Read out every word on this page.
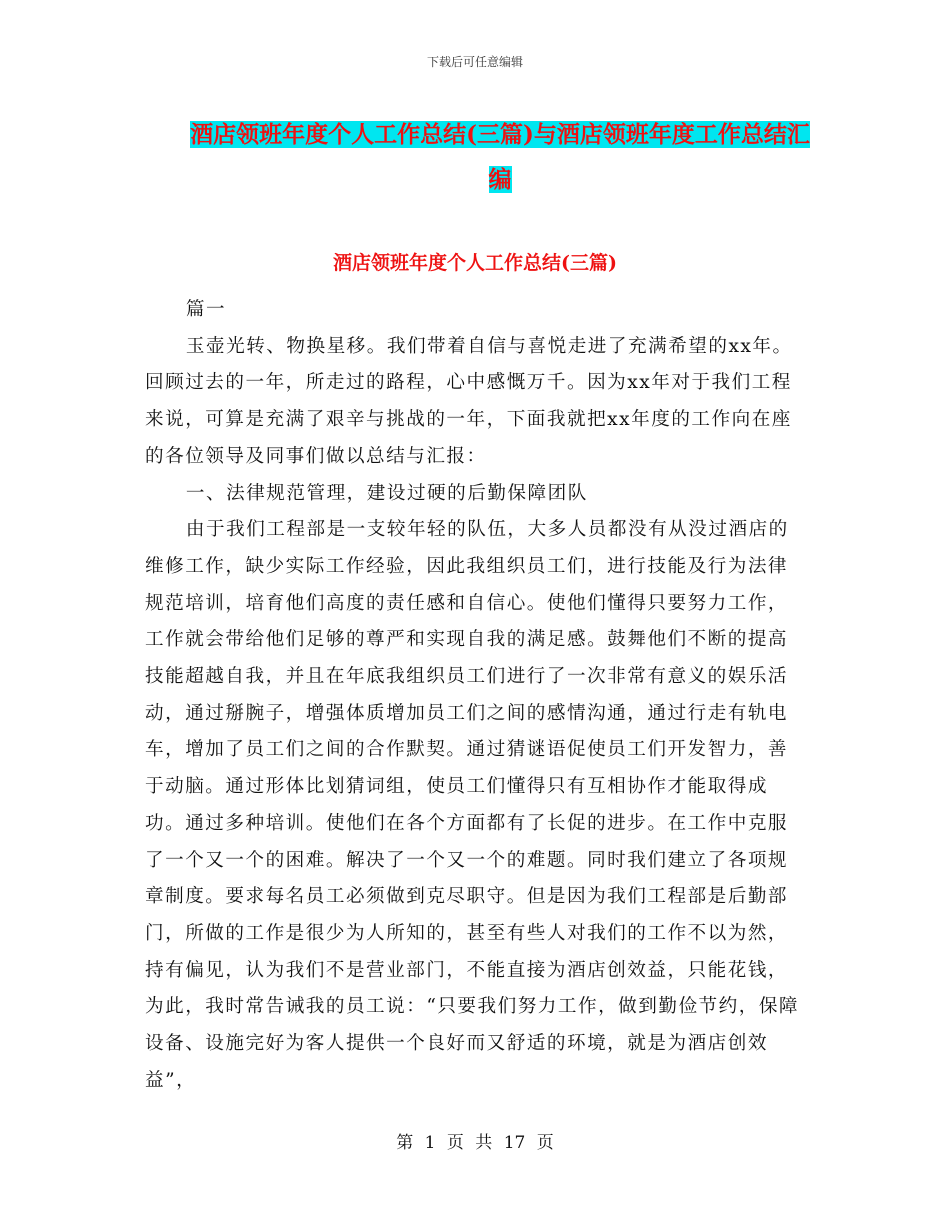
下载后可任意编辑
酒店领班年度个人工作总结(三篇)与酒店领班年度工作总结汇编
酒店领班年度个人工作总结(三篇)

篇一

玉壶光转、物换星移。我们带着自信与喜悦走进了充满希望的xx年。回顾过去的一年，所走过的路程，心中感慨万千。因为xx年对于我们工程来说，可算是充满了艰辛与挑战的一年，下面我就把xx年度的工作向在座的各位领导及同事们做以总结与汇报：

一、法律规范管理，建设过硬的后勤保障团队

由于我们工程部是一支较年轻的队伍，大多人员都没有从没过酒店的维修工作，缺少实际工作经验，因此我组织员工们，进行技能及行为法律规范培训，培育他们高度的责任感和自信心。使他们懂得只要努力工作，工作就会带给他们足够的尊严和实现自我的满足感。鼓舞他们不断的提高技能超越自我，并且在年底我组织员工们进行了一次非常有意义的娱乐活动，通过掰腕子，增强体质增加员工们之间的感情沟通，通过行走有轨电车，增加了员工们之间的合作默契。通过猜谜语促使员工们开发智力，善于动脑。通过形体比划猜词组，使员工们懂得只有互相协作才能取得成功。通过多种培训。使他们在各个方面都有了长促的进步。在工作中克服了一个又一个的困难。解决了一个又一个的难题。同时我们建立了各项规章制度。要求每名员工必须做到克尽职守。但是因为我们工程部是后勤部门，所做的工作是很少为人所知的，甚至有些人对我们的工作不以为然，持有偏见，认为我们不是营业部门，不能直接为酒店创效益，只能花钱，为此，我时常告诫我的员工说：“只要我们努力工作，做到勤俭节约，保障设备、设施完好为客人提供一个良好而又舒适的环境，就是为酒店创效益”，

第 1 页 共 17 页
